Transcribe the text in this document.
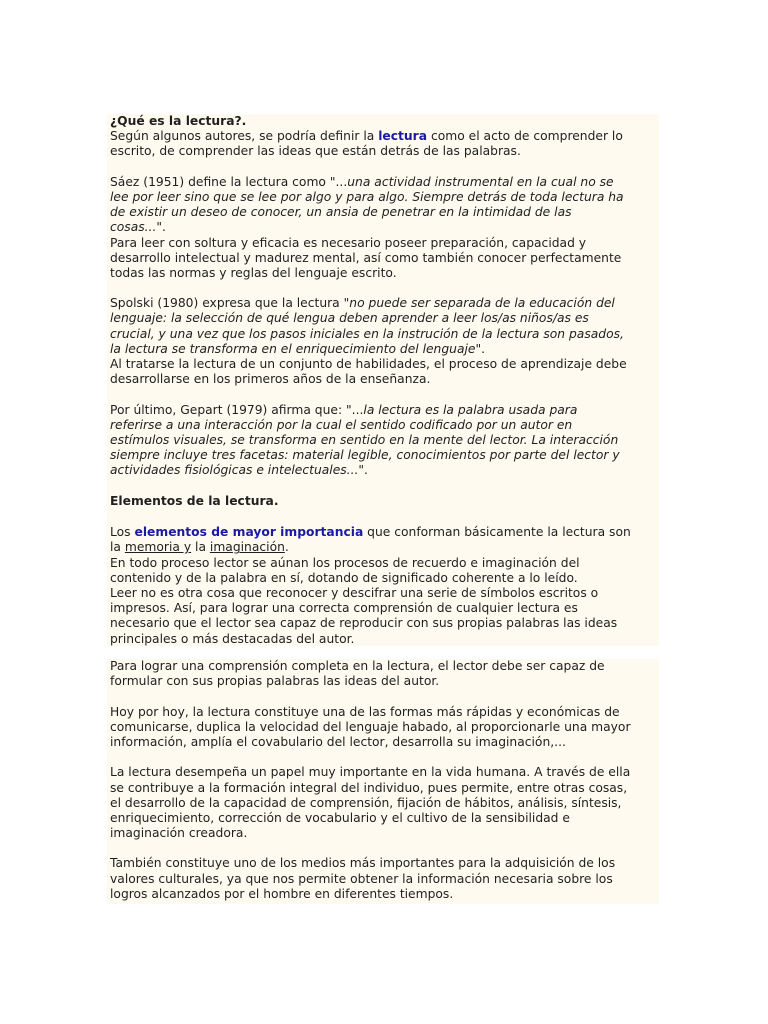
¿Qué es la lectura?.
Según algunos autores, se podría definir la lectura como el acto de comprender lo
escrito, de comprender las ideas que están detrás de las palabras.
Sáez (1951) define la lectura como "...una actividad instrumental en la cual no se
lee por leer sino que se lee por algo y para algo. Siempre detrás de toda lectura ha
de existir un deseo de conocer, un ansia de penetrar en la intimidad de las
cosas...".
Para leer con soltura y eficacia es necesario poseer preparación, capacidad y
desarrollo intelectual y madurez mental, así como también conocer perfectamente
todas las normas y reglas del lenguaje escrito.
Spolski (1980) expresa que la lectura "no puede ser separada de la educación del
lenguaje: la selección de qué lengua deben aprender a leer los/as niños/as es
crucial, y una vez que los pasos iniciales en la instrución de la lectura son pasados,
la lectura se transforma en el enriquecimiento del lenguaje".
Al tratarse la lectura de un conjunto de habilidades, el proceso de aprendizaje debe
desarrollarse en los primeros años de la enseñanza.
Por último, Gepart (1979) afirma que: "...la lectura es la palabra usada para
referirse a una interacción por la cual el sentido codificado por un autor en
estímulos visuales, se transforma en sentido en la mente del lector. La interacción
siempre incluye tres facetas: material legible, conocimientos por parte del lector y
actividades fisiológicas e intelectuales...".
Elementos de la lectura.
Los elementos de mayor importancia que conforman básicamente la lectura son
la memoria y la imaginación.
En todo proceso lector se aúnan los procesos de recuerdo e imaginación del
contenido y de la palabra en sí, dotando de significado coherente a lo leído.
Leer no es otra cosa que reconocer y descifrar una serie de símbolos escritos o
impresos. Así, para lograr una correcta comprensión de cualquier lectura es
necesario que el lector sea capaz de reproducir con sus propias palabras las ideas
principales o más destacadas del autor.
Para lograr una comprensión completa en la lectura, el lector debe ser capaz de
formular con sus propias palabras las ideas del autor.
Hoy por hoy, la lectura constituye una de las formas más rápidas y económicas de
comunicarse, duplica la velocidad del lenguaje habado, al proporcionarle una mayor
información, amplía el covabulario del lector, desarrolla su imaginación,...
La lectura desempeña un papel muy importante en la vida humana. A través de ella
se contribuye a la formación integral del individuo, pues permite, entre otras cosas,
el desarrollo de la capacidad de comprensión, fijación de hábitos, análisis, síntesis,
enriquecimiento, corrección de vocabulario y el cultivo de la sensibilidad e
imaginación creadora.
También constituye uno de los medios más importantes para la adquisición de los
valores culturales, ya que nos permite obtener la información necesaria sobre los
logros alcanzados por el hombre en diferentes tiempos.
